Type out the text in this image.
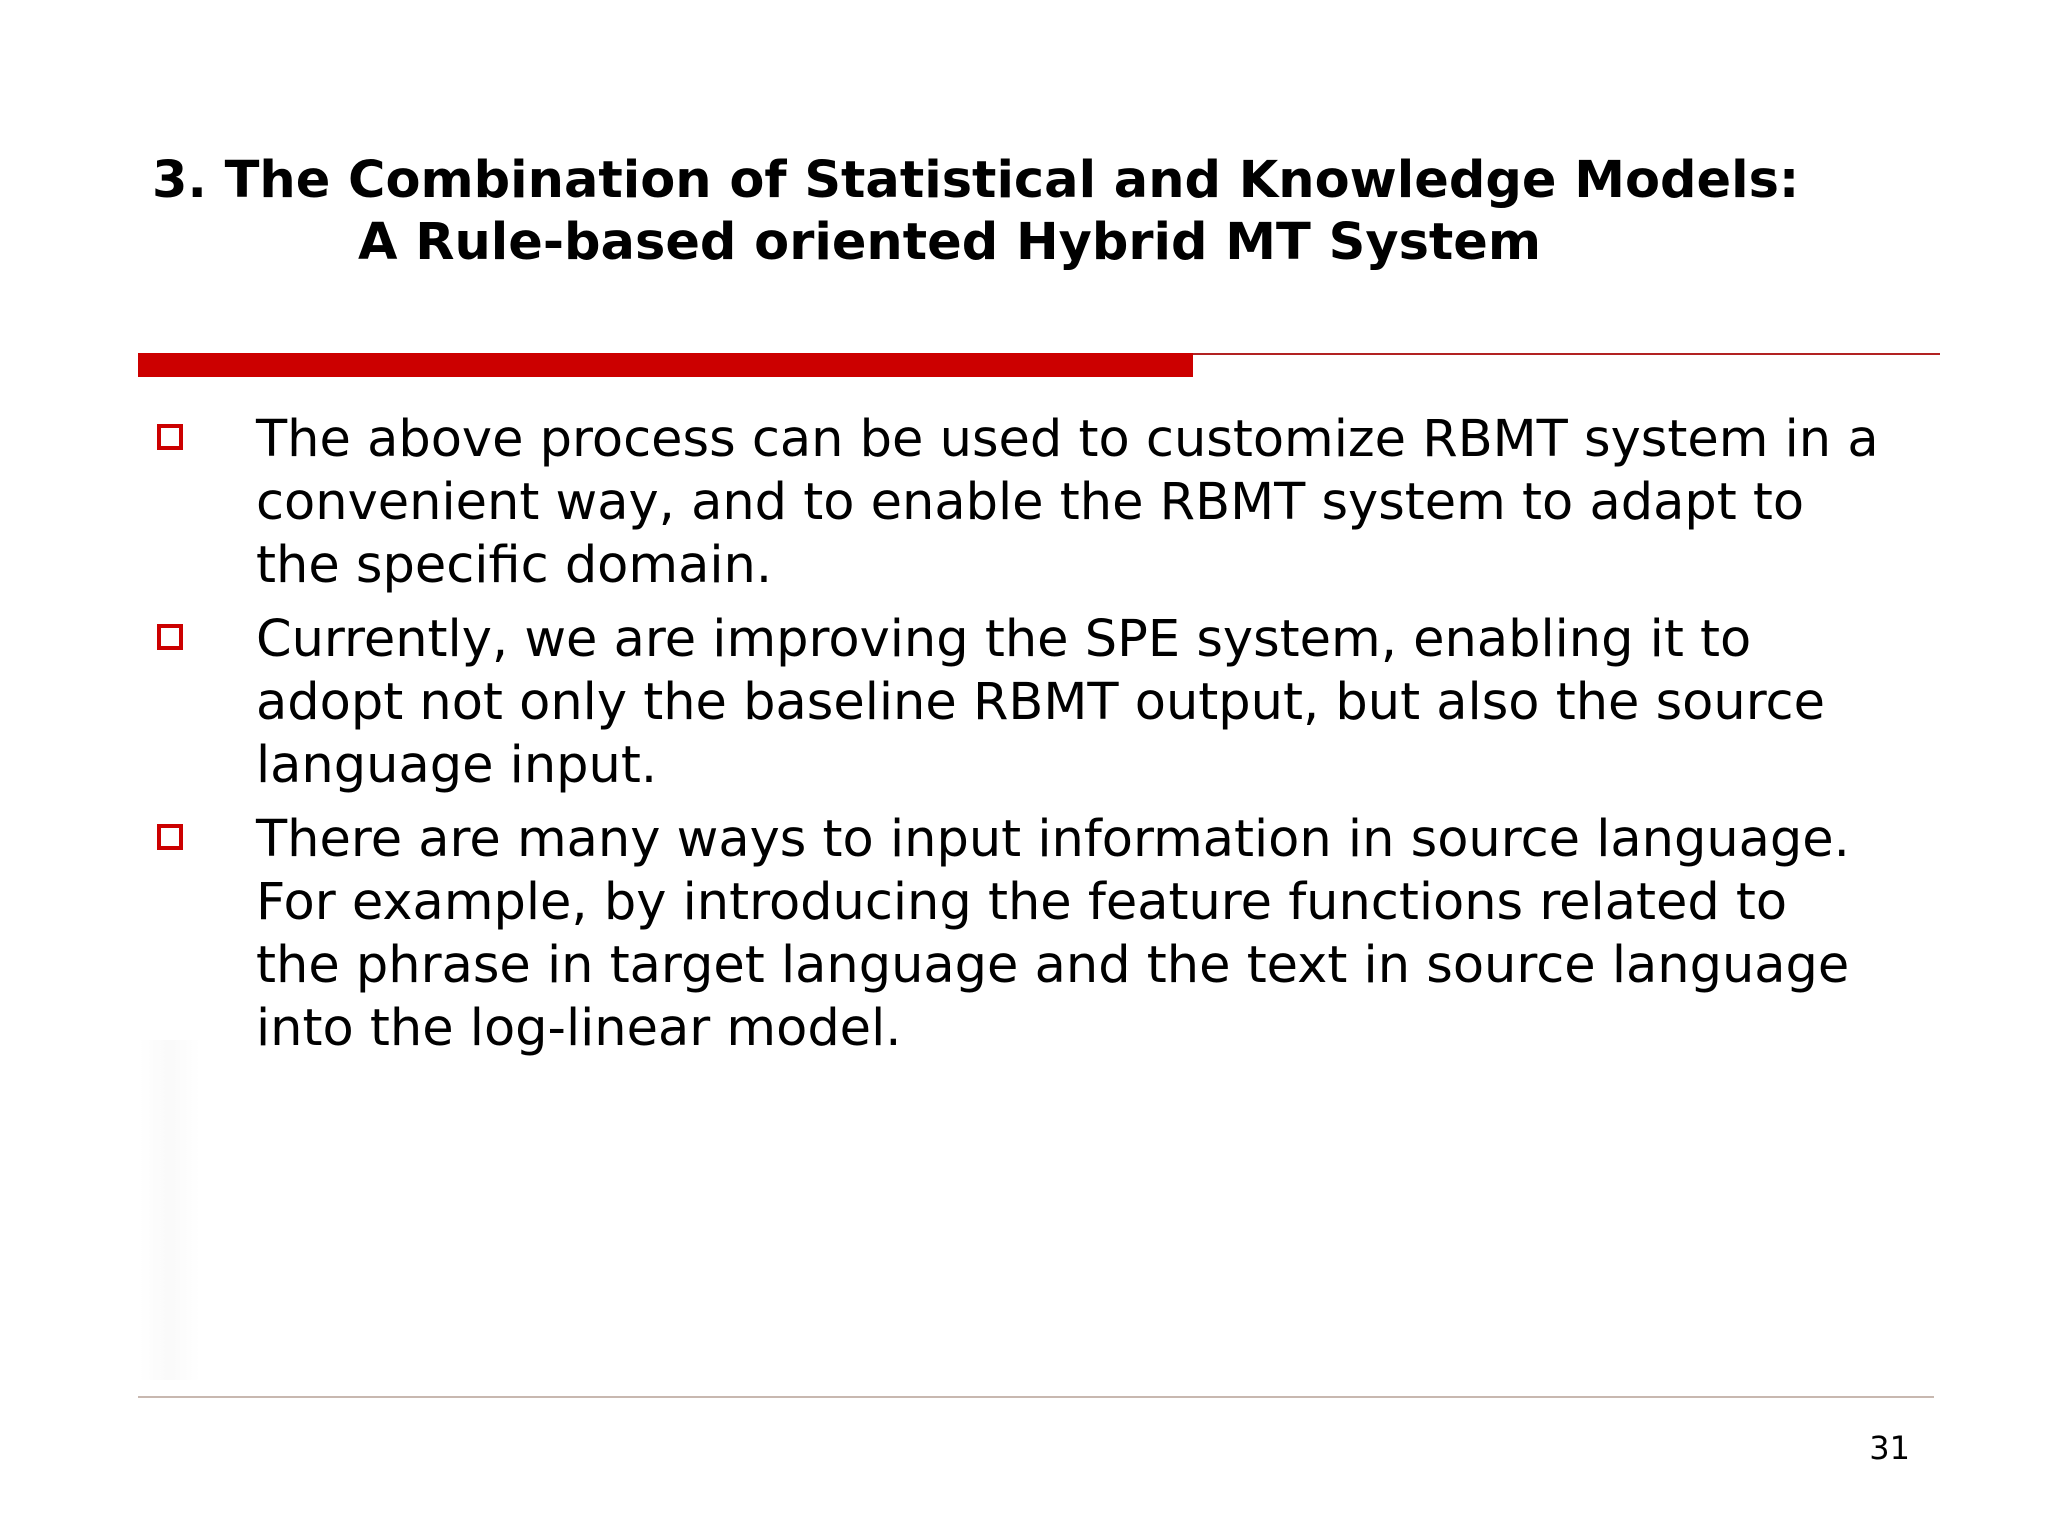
3. The Combination of Statistical and Knowledge Models:
A Rule-based oriented Hybrid MT System
The above process can be used to customize RBMT system in a
convenient way, and to enable the RBMT system to adapt to
the specific domain.
Currently, we are improving the SPE system, enabling it to
adopt not only the baseline RBMT output, but also the source
language input.
There are many ways to input information in source language.
For example, by introducing the feature functions related to
the phrase in target language and the text in source language
into the log-linear model.
31
